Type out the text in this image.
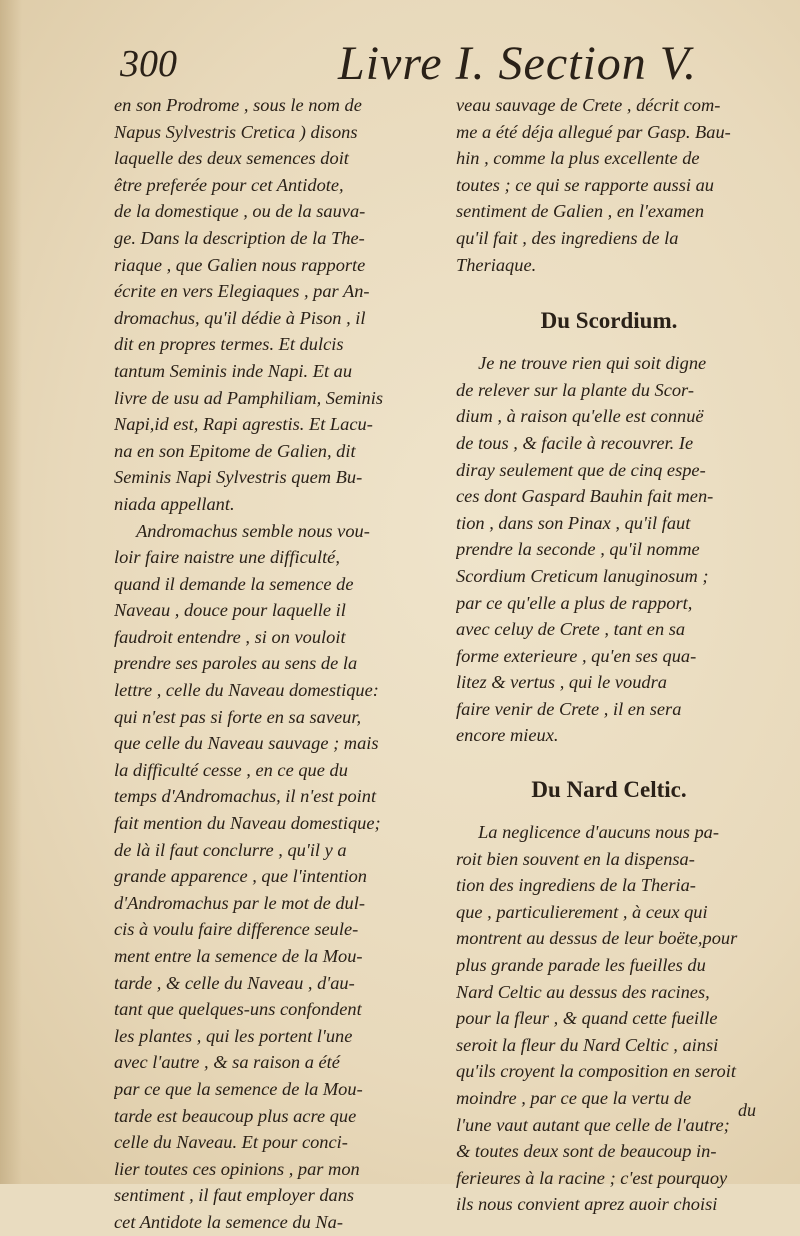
300	Livre I. Section V.

en son Prodrome , sous le nom de
Napus Sylvestris Cretica ) disons
laquelle des deux semences doit
être preferée pour cet Antidote,
de la domestique , ou de la sauva-
ge. Dans la description de la The-
riaque , que Galien nous rapporte
écrite en vers Elegiaques , par An-
dromachus, qu'il dédie à Pison , il
dit en propres termes. Et dulcis
tantum Seminis inde Napi. Et au
livre de usu ad Pamphiliam, Seminis
Napi,id est, Rapi agrestis. Et Lacu-
na en son Epitome de Galien, dit
Seminis Napi Sylvestris quem Bu-
niada appellant.

Andromachus semble nous vou-
loir faire naistre une difficulté,
quand il demande la semence de
Naveau , douce pour laquelle il
faudroit entendre , si on vouloit
prendre ses paroles au sens de la
lettre , celle du Naveau domestique:
qui n'est pas si forte en sa saveur,
que celle du Naveau sauvage ; mais
la difficulté cesse , en ce que du
temps d'Andromachus, il n'est point
fait mention du Naveau domestique;
de là il faut conclurre , qu'il y a
grande apparence , que l'intention
d'Andromachus par le mot de dul-
cis à voulu faire difference seule-
ment entre la semence de la Mou-
tarde , & celle du Naveau , d'au-
tant que quelques-uns confondent
les plantes , qui les portent l'une
avec l'autre , & sa raison a été
par ce que la semence de la Mou-
tarde est beaucoup plus acre que
celle du Naveau. Et pour conci-
lier toutes ces opinions , par mon
sentiment , il faut employer dans
cet Antidote la semence du Na-

veau sauvage de Crete , décrit com-
me a été déja allegué par Gasp. Bau-
hin , comme la plus excellente de
toutes ; ce qui se rapporte aussi au
sentiment de Galien , en l'examen
qu'il fait , des ingrediens de la
Theriaque.

Du Scordium.

Je ne trouve rien qui soit digne
de relever sur la plante du Scor-
dium , à raison qu'elle est connuë
de tous , & facile à recouvrer. Ie
diray seulement que de cinq espe-
ces dont Gaspard Bauhin fait men-
tion , dans son Pinax , qu'il faut
prendre la seconde , qu'il nomme
Scordium Creticum lanuginosum ;
par ce qu'elle a plus de rapport,
avec celuy de Crete , tant en sa
forme exterieure , qu'en ses qua-
litez & vertus , qui le voudra
faire venir de Crete , il en sera
encore mieux.

Du Nard Celtic.

La neglicence d'aucuns nous pa-
roit bien souvent en la dispensa-
tion des ingrediens de la Theria-
que , particulierement , à ceux qui
montrent au dessus de leur boëte,pour
plus grande parade les fueilles du
Nard Celtic au dessus des racines,
pour la fleur , & quand cette fueille
seroit la fleur du Nard Celtic , ainsi
qu'ils croyent la composition en seroit
moindre , par ce que la vertu de
l'une vaut autant que celle de l'autre;
& toutes deux sont de beaucoup in-
ferieures à la racine ; c'est pourquoy
ils nous convient aprez auoir choisi

du
